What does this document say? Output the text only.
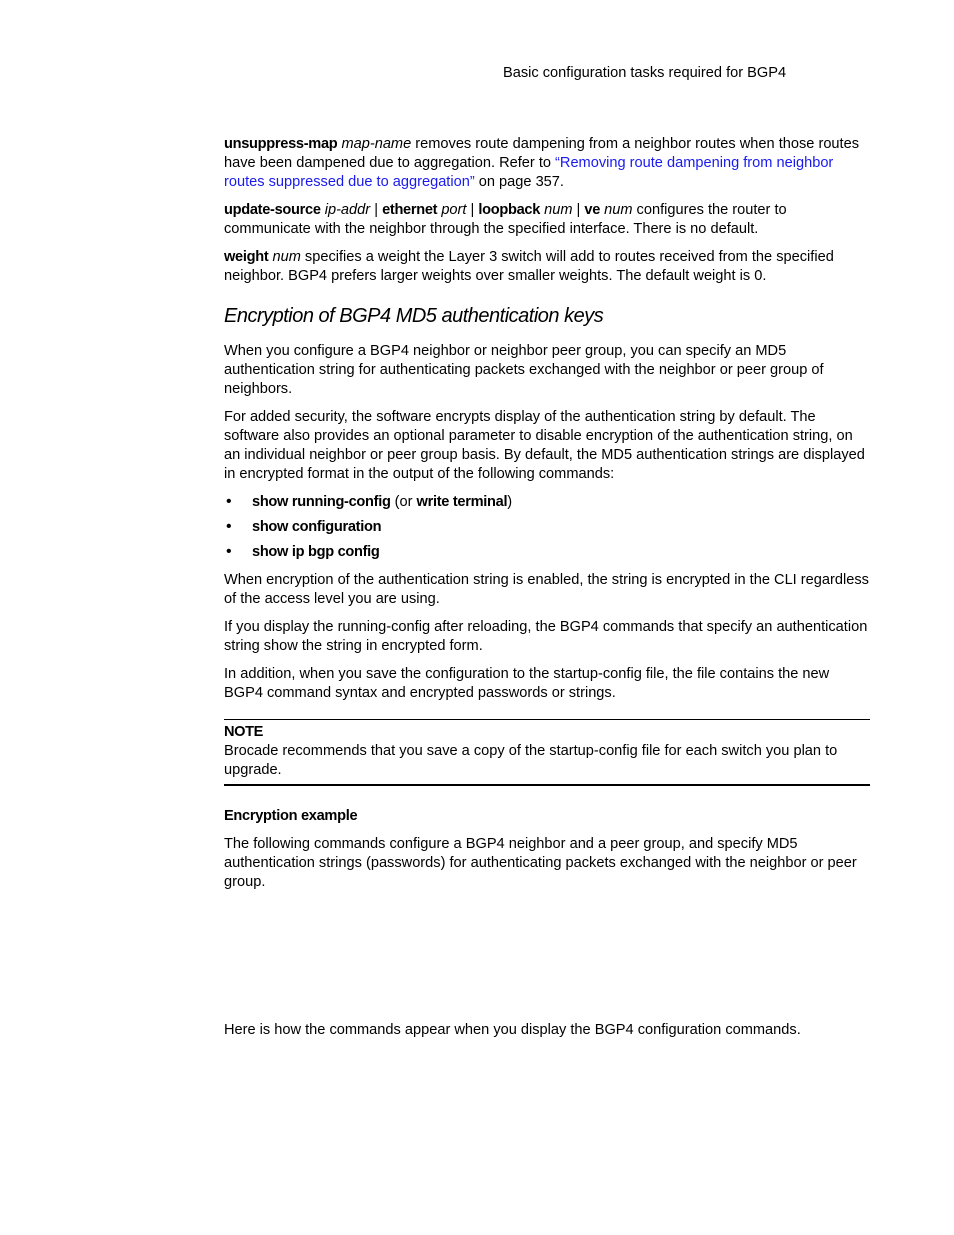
Basic configuration tasks required for BGP4

unsuppress-map map-name removes route dampening from a neighbor routes when those routes have been dampened due to aggregation. Refer to “Removing route dampening from neighbor routes suppressed due to aggregation” on page 357.

update-source ip-addr | ethernet port | loopback num | ve num configures the router to communicate with the neighbor through the specified interface. There is no default.

weight num specifies a weight the Layer 3 switch will add to routes received from the specified neighbor. BGP4 prefers larger weights over smaller weights. The default weight is 0.

Encryption of BGP4 MD5 authentication keys

When you configure a BGP4 neighbor or neighbor peer group, you can specify an MD5 authentication string for authenticating packets exchanged with the neighbor or peer group of neighbors.

For added security, the software encrypts display of the authentication string by default. The software also provides an optional parameter to disable encryption of the authentication string, on an individual neighbor or peer group basis. By default, the MD5 authentication strings are displayed in encrypted format in the output of the following commands:

• show running-config (or write terminal)
• show configuration
• show ip bgp config

When encryption of the authentication string is enabled, the string is encrypted in the CLI regardless of the access level you are using.

If you display the running-config after reloading, the BGP4 commands that specify an authentication string show the string in encrypted form.

In addition, when you save the configuration to the startup-config file, the file contains the new BGP4 command syntax and encrypted passwords or strings.

NOTE

Brocade recommends that you save a copy of the startup-config file for each switch you plan to upgrade.

Encryption example

The following commands configure a BGP4 neighbor and a peer group, and specify MD5 authentication strings (passwords) for authenticating packets exchanged with the neighbor or peer group.

Here is how the commands appear when you display the BGP4 configuration commands.
